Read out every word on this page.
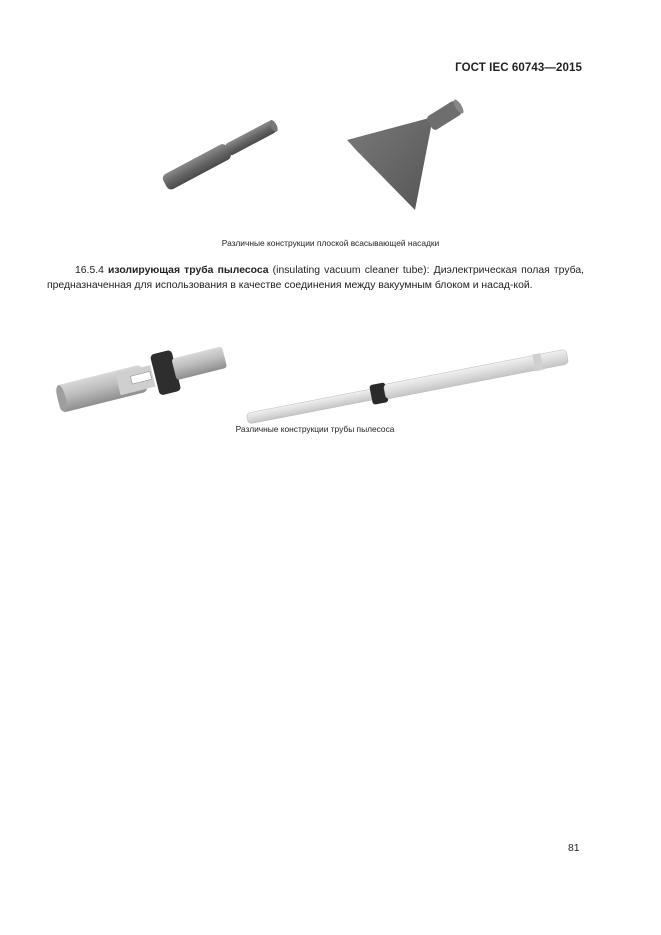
ГОСТ IEC 60743—2015
Различные конструкции плоской всасывающей насадки
16.5.4 изолирующая труба пылесоса (insulating vacuum cleaner tube): Диэлектрическая полая труба, предназначенная для использования в качестве соединения между вакуумным блоком и насад-кой.
Различные конструкции трубы пылесоса
81
